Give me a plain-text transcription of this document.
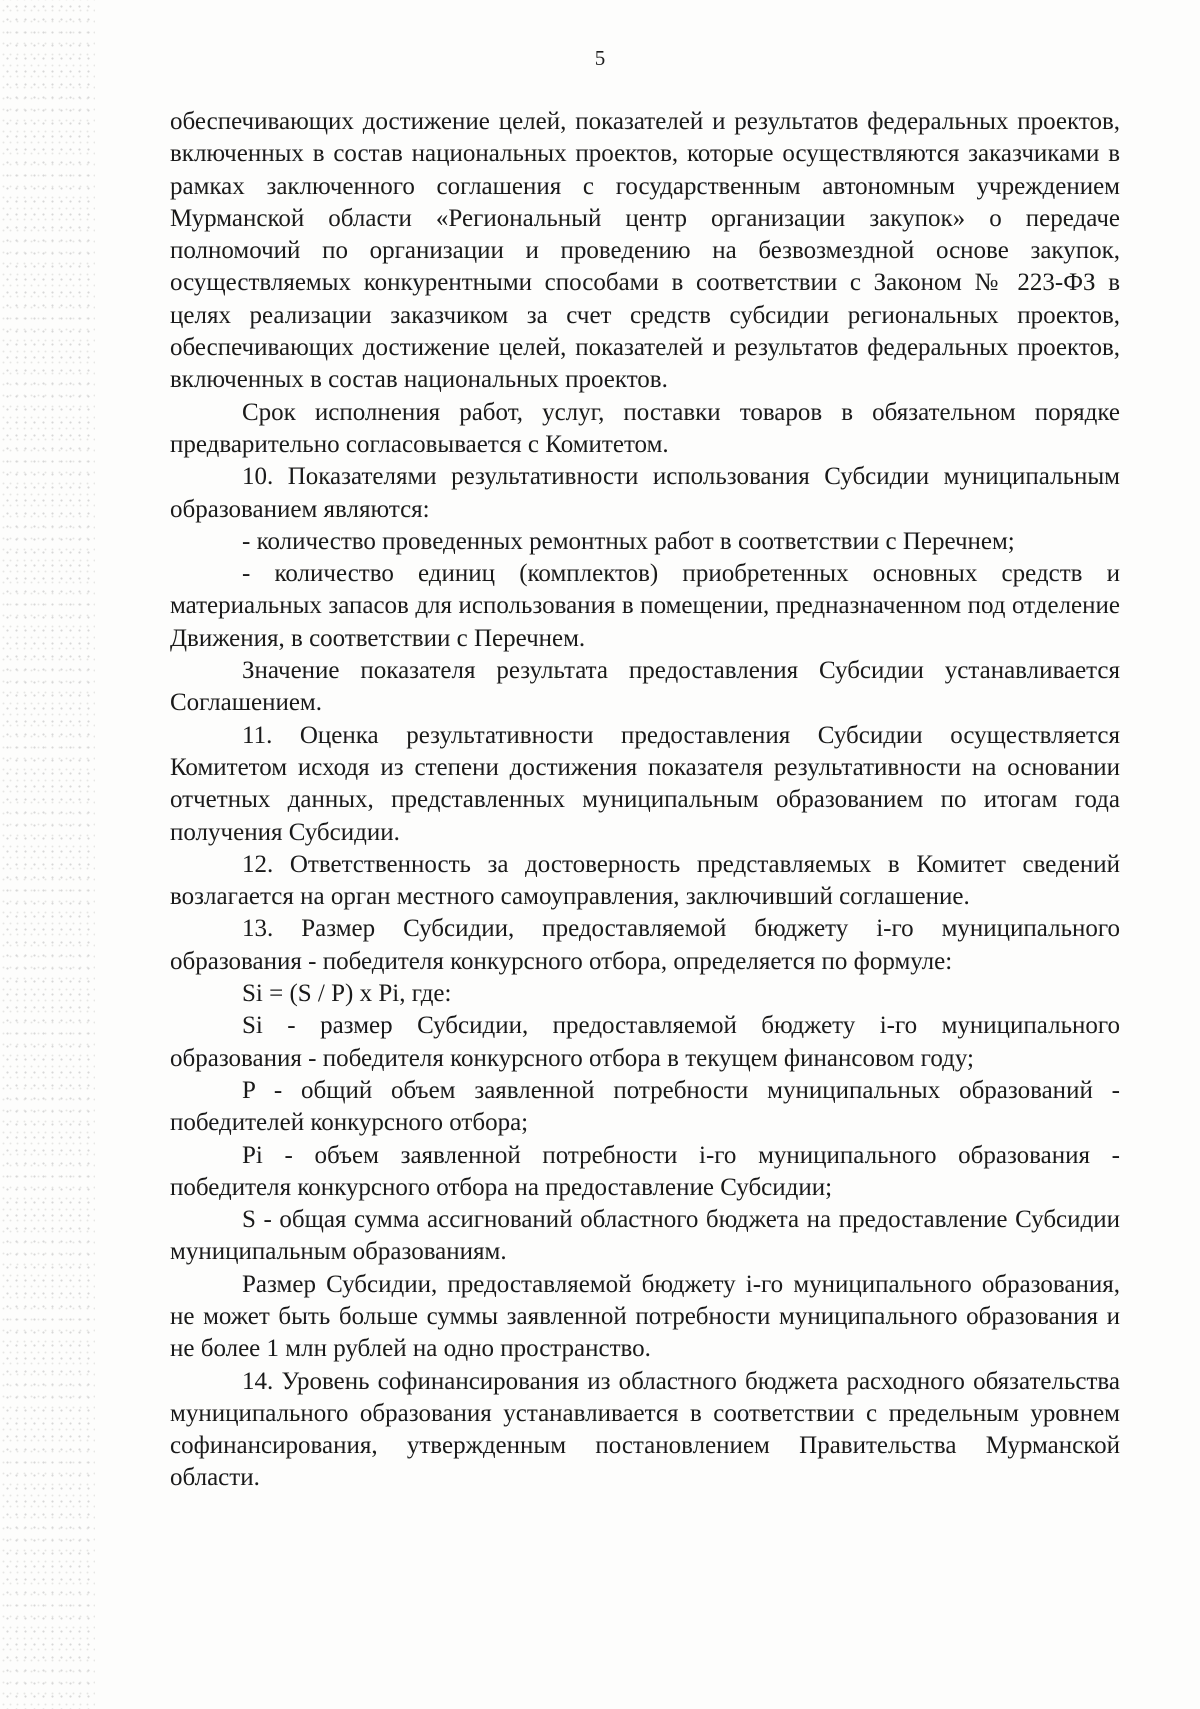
5

обеспечивающих достижение целей, показателей и результатов федеральных проектов, включенных в состав национальных проектов, которые осуществляются заказчиками в рамках заключенного соглашения с государственным автономным учреждением Мурманской области «Региональный центр организации закупок» о передаче полномочий по организации и проведению на безвозмездной основе закупок, осуществляемых конкурентными способами в соответствии с Законом № 223-ФЗ в целях реализации заказчиком за счет средств субсидии региональных проектов, обеспечивающих достижение целей, показателей и результатов федеральных проектов, включенных в состав национальных проектов.

Срок исполнения работ, услуг, поставки товаров в обязательном порядке предварительно согласовывается с Комитетом.

10. Показателями результативности использования Субсидии муниципальным образованием являются:

- количество проведенных ремонтных работ в соответствии с Перечнем;

- количество единиц (комплектов) приобретенных основных средств и материальных запасов для использования в помещении, предназначенном под отделение Движения, в соответствии с Перечнем.

Значение показателя результата предоставления Субсидии устанавливается Соглашением.

11. Оценка результативности предоставления Субсидии осуществляется Комитетом исходя из степени достижения показателя результативности на основании отчетных данных, представленных муниципальным образованием по итогам года получения Субсидии.

12. Ответственность за достоверность представляемых в Комитет сведений возлагается на орган местного самоуправления, заключивший соглашение.

13. Размер Субсидии, предоставляемой бюджету i-го муниципального образования - победителя конкурсного отбора, определяется по формуле:

Si = (S / P) x Pi, где:

Si - размер Субсидии, предоставляемой бюджету i-го муниципального образования - победителя конкурсного отбора в текущем финансовом году;

P - общий объем заявленной потребности муниципальных образований - победителей конкурсного отбора;

Pi - объем заявленной потребности i-го муниципального образования - победителя конкурсного отбора на предоставление Субсидии;

S - общая сумма ассигнований областного бюджета на предоставление Субсидии муниципальным образованиям.

Размер Субсидии, предоставляемой бюджету i-го муниципального образования, не может быть больше суммы заявленной потребности муниципального образования и не более 1 млн рублей на одно пространство.

14. Уровень софинансирования из областного бюджета расходного обязательства муниципального образования устанавливается в соответствии с предельным уровнем софинансирования, утвержденным постановлением Правительства Мурманской области.
